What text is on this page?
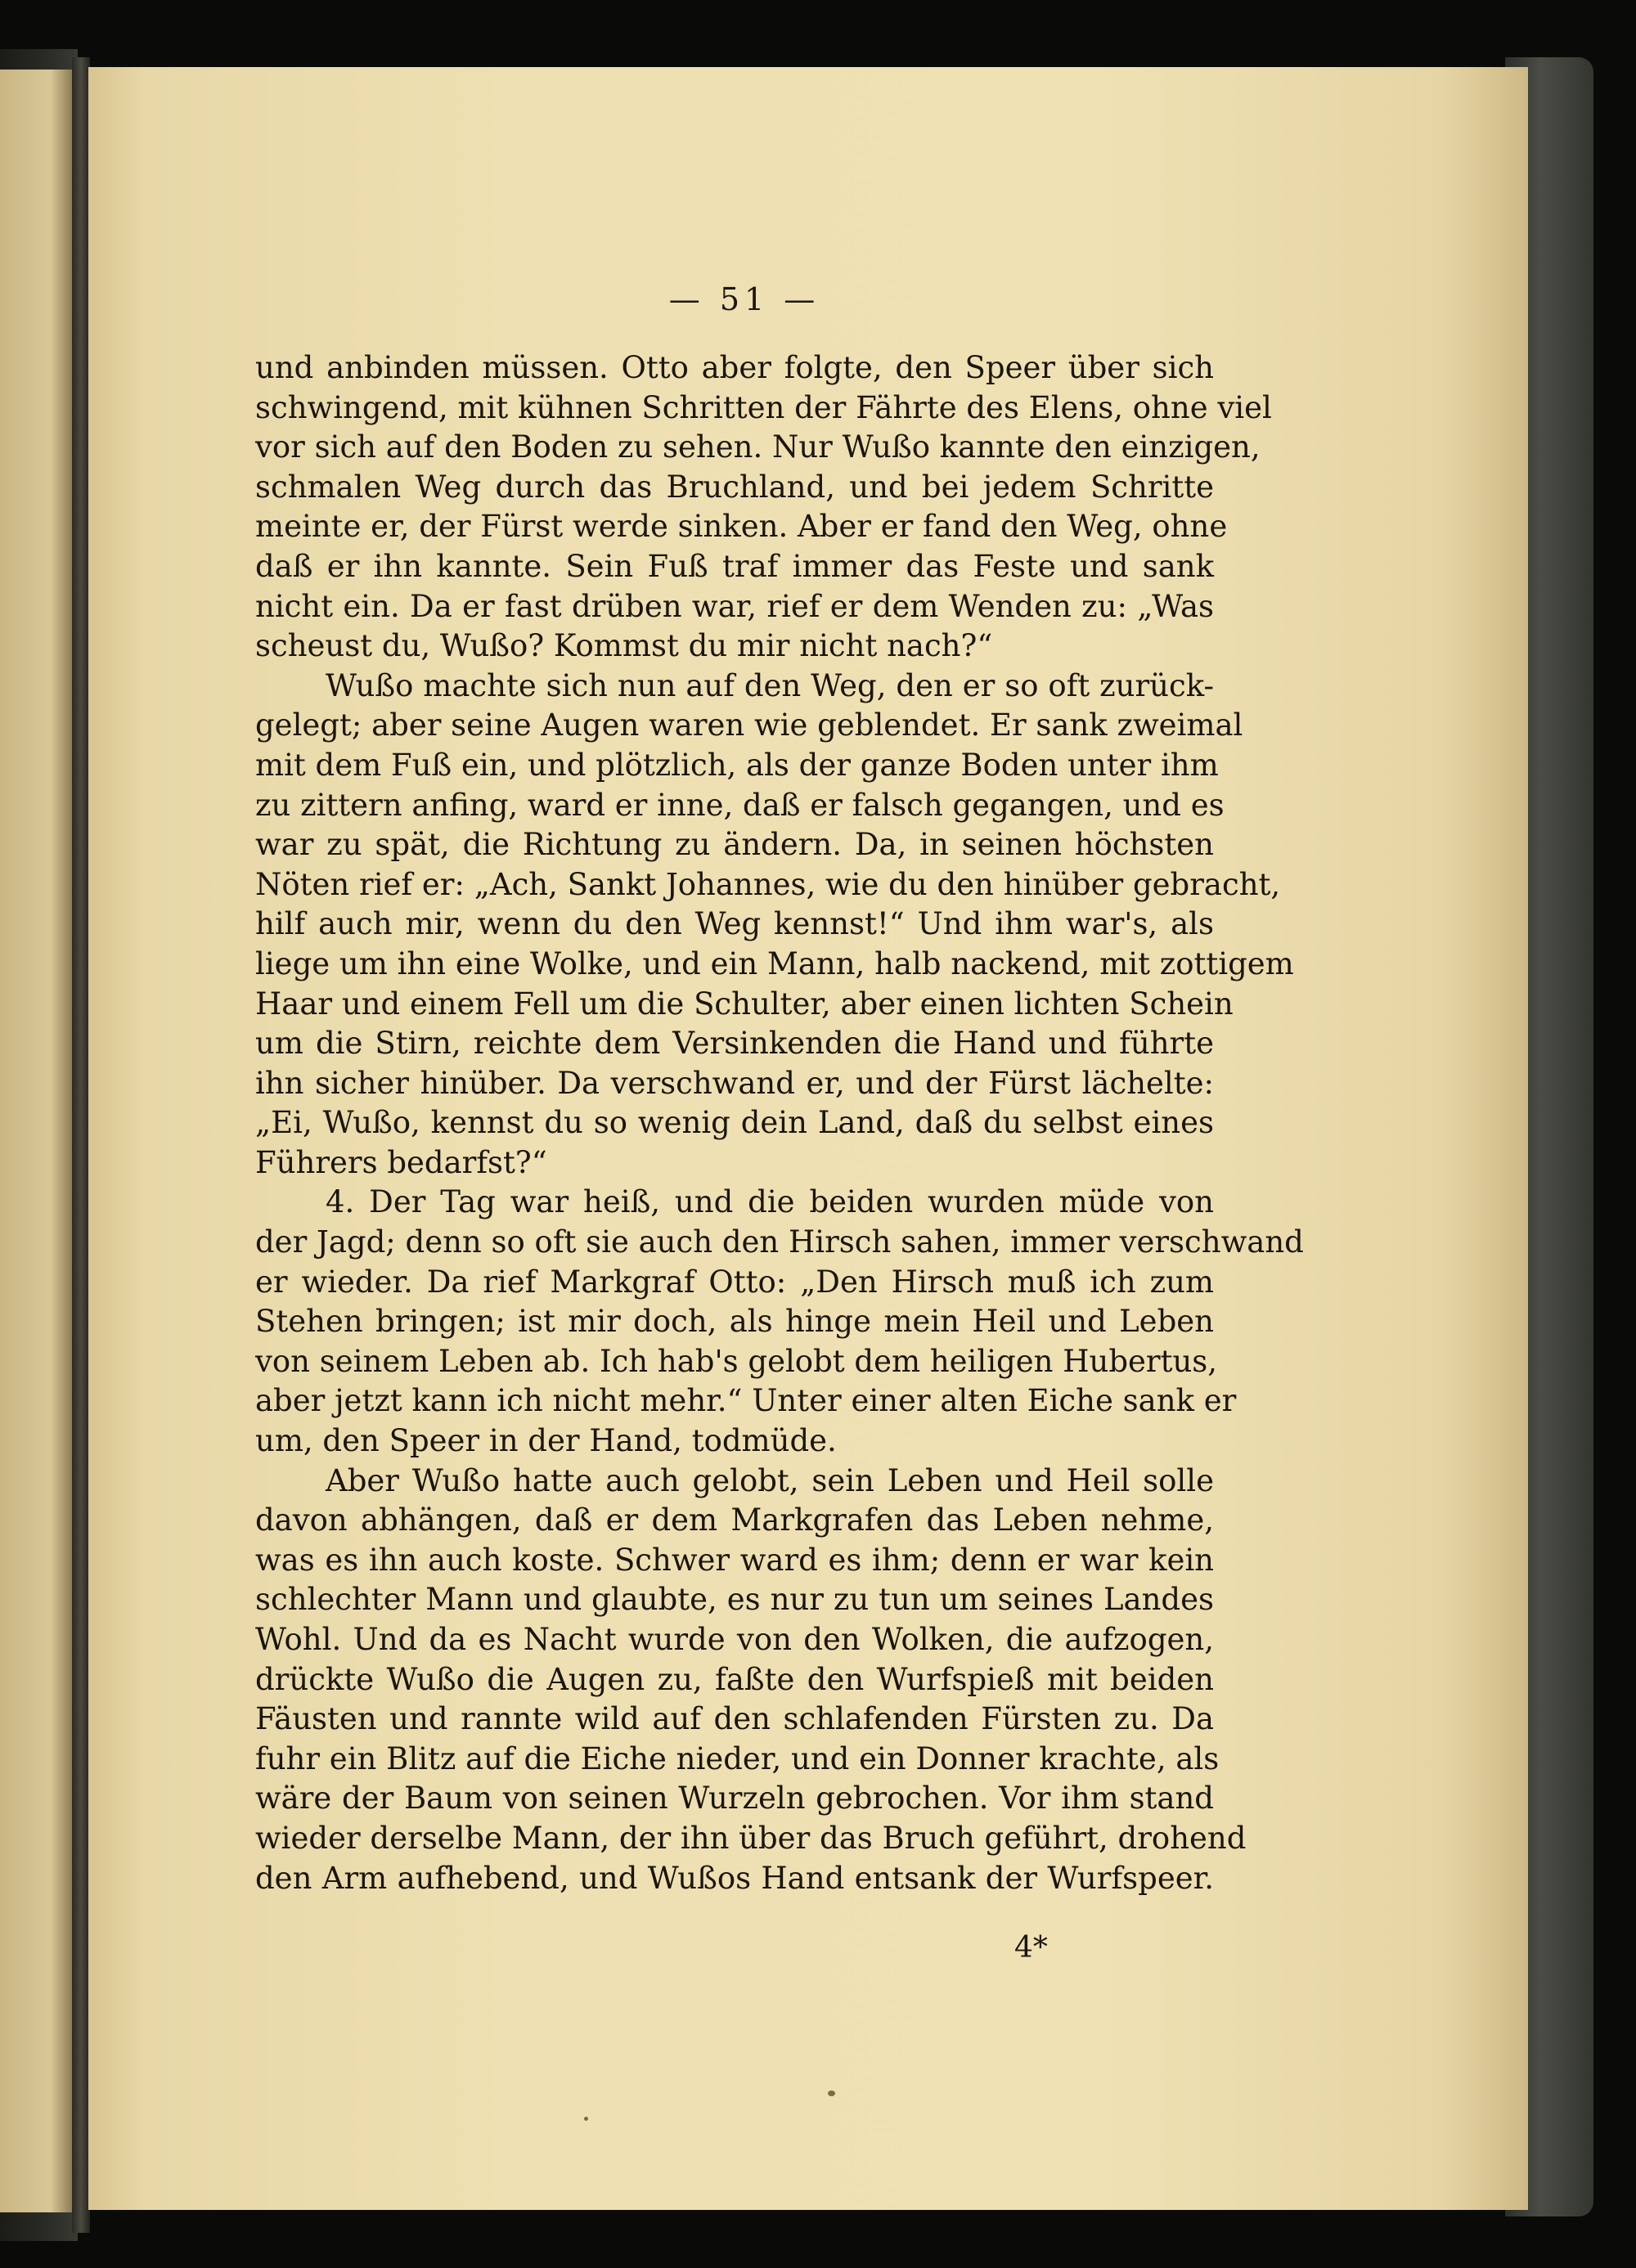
— 51 —
und anbinden müssen. Otto aber folgte, den Speer über sich
schwingend, mit kühnen Schritten der Fährte des Elens, ohne viel
vor sich auf den Boden zu sehen. Nur Wußo kannte den einzigen,
schmalen Weg durch das Bruchland, und bei jedem Schritte
meinte er, der Fürst werde sinken. Aber er fand den Weg, ohne
daß er ihn kannte. Sein Fuß traf immer das Feste und sank
nicht ein. Da er fast drüben war, rief er dem Wenden zu: „Was
scheust du, Wußo? Kommst du mir nicht nach?“
Wußo machte sich nun auf den Weg, den er so oft zurück-
gelegt; aber seine Augen waren wie geblendet. Er sank zweimal
mit dem Fuß ein, und plötzlich, als der ganze Boden unter ihm
zu zittern anfing, ward er inne, daß er falsch gegangen, und es
war zu spät, die Richtung zu ändern. Da, in seinen höchsten
Nöten rief er: „Ach, Sankt Johannes, wie du den hinüber gebracht,
hilf auch mir, wenn du den Weg kennst!“ Und ihm war's, als
liege um ihn eine Wolke, und ein Mann, halb nackend, mit zottigem
Haar und einem Fell um die Schulter, aber einen lichten Schein
um die Stirn, reichte dem Versinkenden die Hand und führte
ihn sicher hinüber. Da verschwand er, und der Fürst lächelte:
„Ei, Wußo, kennst du so wenig dein Land, daß du selbst eines
Führers bedarfst?“
4. Der Tag war heiß, und die beiden wurden müde von
der Jagd; denn so oft sie auch den Hirsch sahen, immer verschwand
er wieder. Da rief Markgraf Otto: „Den Hirsch muß ich zum
Stehen bringen; ist mir doch, als hinge mein Heil und Leben
von seinem Leben ab. Ich hab's gelobt dem heiligen Hubertus,
aber jetzt kann ich nicht mehr.“ Unter einer alten Eiche sank er
um, den Speer in der Hand, todmüde.
Aber Wußo hatte auch gelobt, sein Leben und Heil solle
davon abhängen, daß er dem Markgrafen das Leben nehme,
was es ihn auch koste. Schwer ward es ihm; denn er war kein
schlechter Mann und glaubte, es nur zu tun um seines Landes
Wohl. Und da es Nacht wurde von den Wolken, die aufzogen,
drückte Wußo die Augen zu, faßte den Wurfspieß mit beiden
Fäusten und rannte wild auf den schlafenden Fürsten zu. Da
fuhr ein Blitz auf die Eiche nieder, und ein Donner krachte, als
wäre der Baum von seinen Wurzeln gebrochen. Vor ihm stand
wieder derselbe Mann, der ihn über das Bruch geführt, drohend
den Arm aufhebend, und Wußos Hand entsank der Wurfspeer.
4*
